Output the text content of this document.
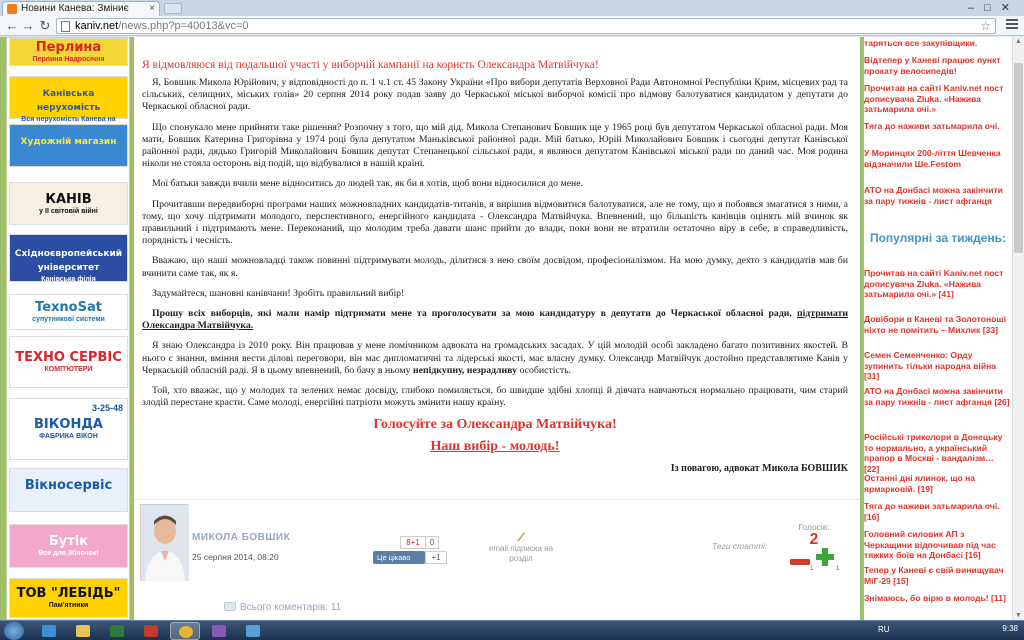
Новини Канева: Зміниє ×	–□✕
← → ↻	kaniv.net/news.php?p=40013&vc=0	☆
Перлина
Перлина Надросічня
Канівська нерухомість
Вся нерухомість Канева на
Художній магазин
КАНІВ
у II світовій війні
Східноєвропейський університет
Канівська філія
TexnoSat
супутникові системи
ТЕХНО СЕРВІС
КОМП'ЮТЕРИ
ВІКОНДА
ФАБРИКА ВІКОН
3-25-48
Вікносервіс
Бутік
Все для Жіночок!
ТОВ "ЛЕБІДЬ"
Пам'ятники

Я відмовляюся від подальшої участі у виборчій кампанії на користь Олександра Матвійчука!

Я, Бовшик Микола Юрійович, у відповідності до п. 1 ч.1 ст. 45 Закону України «Про вибори депутатів Верховної Ради Автономної Республіки Крим, місцевих рад та сільських, селищних, міських голів» 20 серпня 2014 року подав заяву до Черкаської міської виборчої комісії про відмову балотуватися кандидатом у депутати до Черкаської обласної ради.

Що спонукало мене прийняти таке рішення? Розпочну з того, що мій дід, Микола Степанович Бовшик ще у 1965 році був депутатом Черкаської обласної ради. Моя мати, Бовшик Катерина Григорівна у 1974 році була депутатом Маньківської районної ради. Мій батько, Юрій Миколайович Бовшик і сьогодні депутат Канівської районної ради, дядько Григорій Миколайович Бовшик депутат Степанецької сільської ради, я являюся депутатом Канівської міської ради по даний час. Моя родина ніколи не стояла осторонь від подій, що відбувалися в нашій країні.

Мої батьки завжди вчили мене відноситись до людей так, як би я хотів, щоб вони відносилися до мене.

Прочитавши передвиборні програми наших можновладних кандидатів-титанів, я вирішив відмовитися балотуватися, але не тому, що я побоявся змагатися з ними, а тому, що хочу підтримати молодого, перспективного, енергійного кандидата - Олександра Матвійчука. Впевнений, що більшість канівців оцінять мій вчинок як правильний і підтримають мене. Переконаний, що молодим треба давати шанс прийти до влади, поки вони не втратили остаточно віру в себе, в справедливість, порядність і чесність.

Вважаю, що наші можновладці також повинні підтримувати молодь, ділитися з нею своїм досвідом, професіоналізмом. На мою думку, дехто з кандидатів мав би вчинити саме так, як я.

Задумайтеся, шановні канівчани! Зробіть правильний вибір!

Прошу всіх виборців, які мали намір підтримати мене та проголосувати за мою кандидатуру в депутати до Черкаської обласної ради, підтримати Олександра Матвійчука.

Я знаю Олександра із 2010 року. Він працював у мене помічником адвоката на громадських засадах. У цій молодій особі закладено багато позитивних якостей. В нього є знання, вміння вести ділові переговори, він має дипломатичні та лідерські якості, має власну думку. Олександр Матвійчук достойно представлятиме Канів у Черкаській обласній раді. Я в цьому впевнений, бо бачу в ньому непідкупну, незрадливу особистість.

Той, хто вважає, що у молодих та зелених немає досвіду, глибоко помиляється, бо швидше здібні хлопці й дівчата навчаються нормально працювати, чим старий злодій перестане красти. Саме молоді, енергійні патріоти можуть змінити нашу країну.

Голосуйте за Олександра Матвійчука!

Наш вибір - молодь!

Із повагою, адвокат Микола БОВШИК

МИКОЛА БОВШИК
25 серпня 2014, 08:20
8+1	0
Це цікаво	+1
email підписка на розділ
Теги статті:
Голосів:
2
1	1
Всього коментарів: 11
таряться все закупівщики.
Відтепер у Каневі працює пункт прокату велосипедів!
Прочитав на сайті Kaniv.net пост дописувача Zluka. «Нажива затьмарила очі.»
Тяга до наживи затьмарила очі.
У Моринцях 200-ліття Шевченка відзначили Ше.Festom
АТО на Донбасі можна закінчити за пару тижнів - лист афганця
Популярні за тиждень:
Прочитав на сайті Kaniv.net пост дописувача Zluka. «Нажива затьмарила очі.» [41]
Довібори в Каневі та Золотоноші ніхто не помітить – Михлик [33]
Семен Семенченко: Орду зупинить тільки народна війна [31]
АТО на Донбасі можна закінчити за пару тижнів - лист афганця [26]
Російські триколори в Донецьку то нормально, а український прапор в Москві - вандалізм… [22]
Останні дні ялинок, що на ярмарковій. [19]
Тяга до наживи затьмарила очі. [16]
Головний силовик АП з Черкащини відпочивав під час тяжких боїв на Донбасі [16]
Тепер у Каневі є свій винищувач МіГ-29 [15]
Знімаюсь, бо вірю в молодь! [11]
▲
▼
RU	9:38
